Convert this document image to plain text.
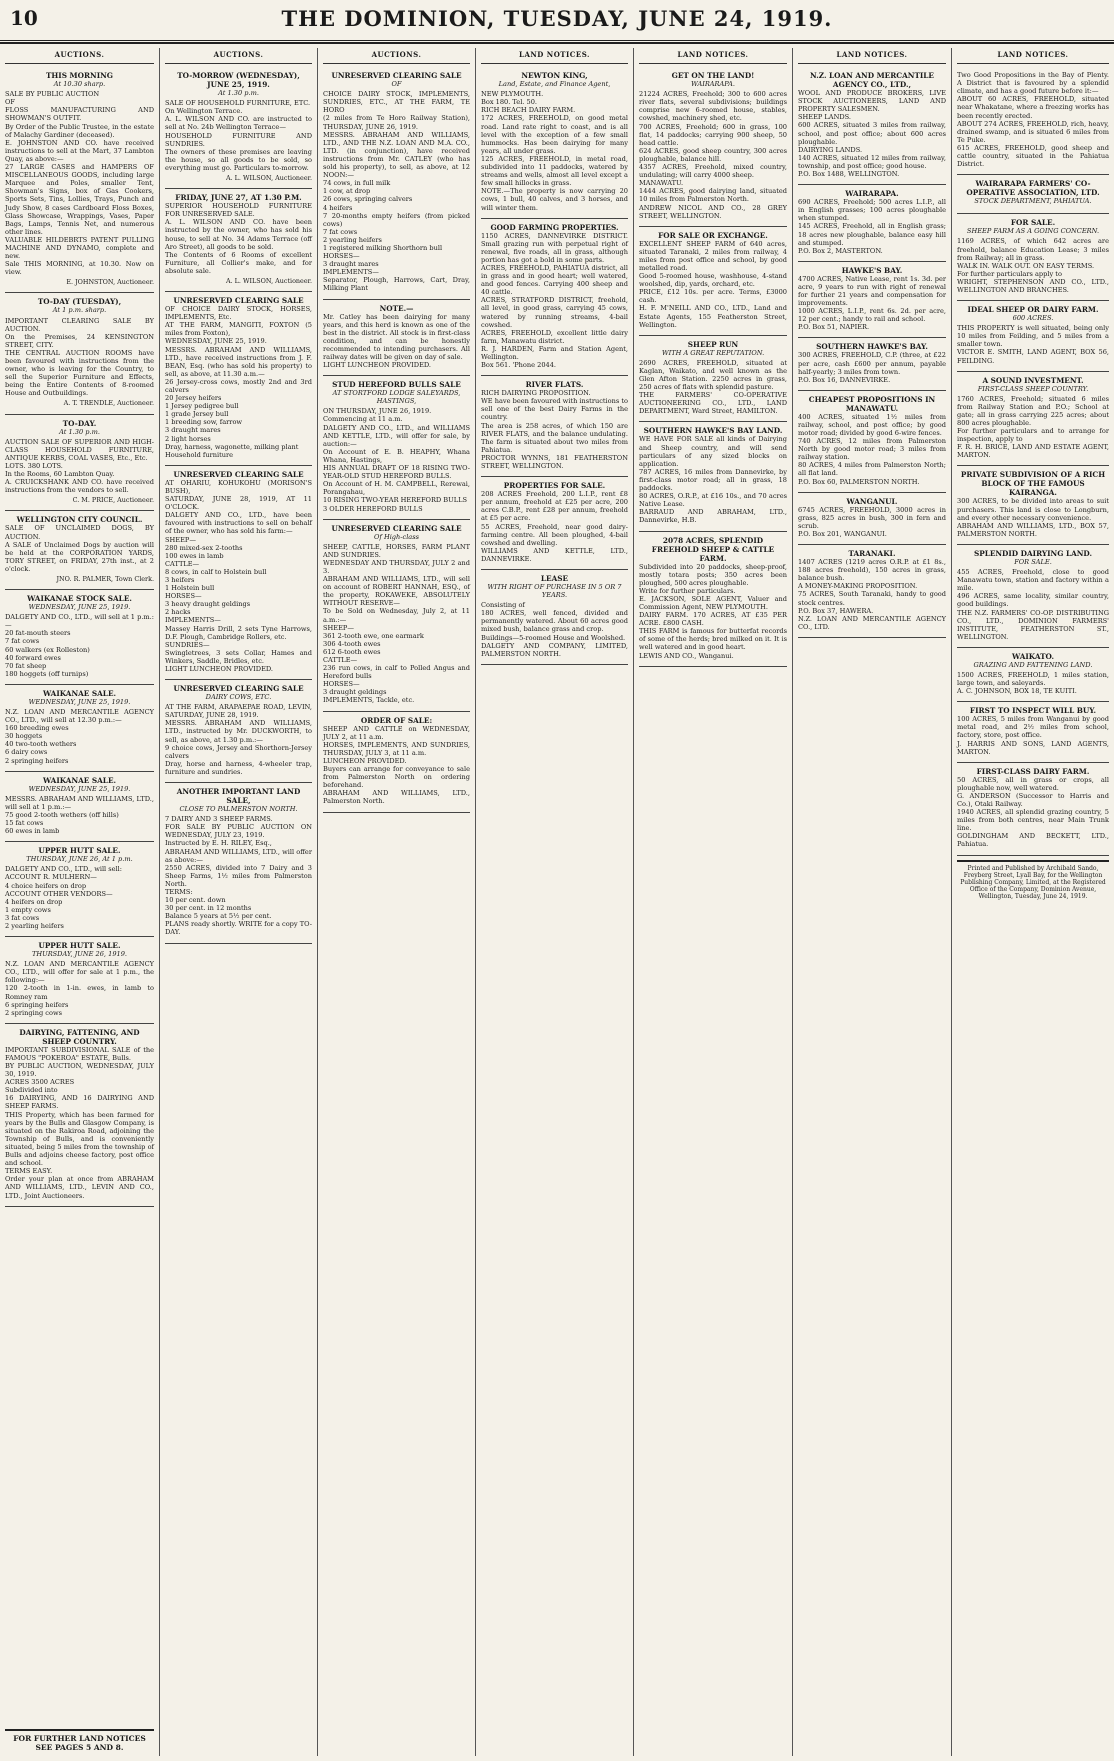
10	THE DOMINION, TUESDAY, JUNE 24, 1919.
AUCTIONS.
THIS MORNING
At 10.30 sharp.
SALE BY PUBLIC AUCTION
OF
FLOSS MANUFACTURING AND SHOWMAN'S OUTFIT.
By Order of the Public Trustee, in the estate of Malachy Gardiner (deceased).
E. JOHNSTON AND CO. have received instructions to sell at the Mart, 37 Lambton Quay, as above:—
27 LARGE CASES and HAMPERS OF MISCELLANEOUS GOODS, including large Marquee and Poles, smaller Tent, Showman's Signs, box of Gas Cookers, Sports Sets, Tins, Lollies, Trays, Punch and Judy Show, 8 cases Cardboard Floss Boxes, Glass Showcase, Wrappings, Vases, Paper Bags, Lamps, Tennis Net, and numerous other lines.
VALUABLE HILDEBRTS PATENT PULLING MACHINE AND DYNAMO, complete and new.
Sale THIS MORNING, at 10.30. Now on view.
E. JOHNSTON, Auctioneer.
TO-DAY (TUESDAY),
At 1 p.m. sharp.
IMPORTANT CLEARING SALE BY AUCTION.
On the Premises, 24 KENSINGTON STREET, CITY.
THE CENTRAL AUCTION ROOMS have been favoured with instructions from the owner, who is leaving for the Country, to sell the Superior Furniture and Effects, being the Entire Contents of 8-roomed House and Outbuildings.
A. T. TRENDLE, Auctioneer.
TO-DAY.
At 1.30 p.m.
AUCTION SALE OF SUPERIOR AND HIGH-CLASS HOUSEHOLD FURNITURE, ANTIQUE KERBS, COAL VASES, Etc., Etc.
LOTS. 380 LOTS.
In the Rooms, 60 Lambton Quay.
A. CRUICKSHANK AND CO. have received instructions from the vendors to sell.
C. M. PRICE, Auctioneer.
WELLINGTON CITY COUNCIL.
SALE OF UNCLAIMED DOGS, BY AUCTION.
A SALE of Unclaimed Dogs by auction will be held at the CORPORATION YARDS, TORY STREET, on FRIDAY, 27th inst., at 2 o'clock.
JNO. R. PALMER, Town Clerk.
WAIKANAE STOCK SALE.
WEDNESDAY, JUNE 25, 1919.
DALGETY AND CO., LTD., will sell at 1 p.m.:—
20 fat-mouth steers
7 fat cows
60 walkers (ex Rolleston)
40 forward ewes
70 fat sheep
180 hoggets (off turnips)
WAIKANAE SALE.
WEDNESDAY, JUNE 25, 1919.
N.Z. LOAN AND MERCANTILE AGENCY CO., LTD., will sell at 12.30 p.m.:—
160 breeding ewes
30 hoggets
40 two-tooth wethers
6 dairy cows
2 springing heifers
WAIKANAE SALE.
WEDNESDAY, JUNE 25, 1919.
MESSRS. ABRAHAM AND WILLIAMS, LTD., will sell at 1 p.m.:—
75 good 2-tooth wethers (off hills)
15 fat cows
60 ewes in lamb
UPPER HUTT SALE.
THURSDAY, JUNE 26, At 1 p.m.
DALGETY AND CO., LTD., will sell:
ACCOUNT R. MULHERN—
4 choice heifers on drop
ACCOUNT OTHER VENDORS—
4 heifers on drop
1 empty cows
3 fat cows
2 yearling heifers
UPPER HUTT SALE.
THURSDAY, JUNE 26, 1919.
N.Z. LOAN AND MERCANTILE AGENCY CO., LTD., will offer for sale at 1 p.m., the following:—
120 2-tooth in 1-in. ewes, in lamb to Romney ram
6 springing heifers
2 springing cows
DAIRYING, FATTENING, AND SHEEP COUNTRY.
IMPORTANT SUBDIVISIONAL SALE of the FAMOUS "POKEROA" ESTATE, Bulls.
BY PUBLIC AUCTION, WEDNESDAY, JULY 30, 1919.
ACRES 3500 ACRES
Subdivided into
16 DAIRYING, AND 16 DAIRYING AND SHEEP FARMS.
THIS Property, which has been farmed for years by the Bulls and Glasgow Company, is situated on the Rakiroa Road, adjoining the Township of Bulls, and is conveniently situated, being 5 miles from the township of Bulls and adjoins cheese factory, post office and school.
TERMS EASY.
Order your plan at once from ABRAHAM AND WILLIAMS, LTD., LEVIN AND CO., LTD., Joint Auctioneers.
FOR FURTHER LAND NOTICES SEE PAGES 5 AND 8.
AUCTIONS.
TO-MORROW (WEDNESDAY), JUNE 25, 1919.
At 1.30 p.m.
SALE OF HOUSEHOLD FURNITURE, ETC.
On Wellington Terrace.
A. L. WILSON AND CO. are instructed to sell at No. 24b Wellington Terrace—
HOUSEHOLD FURNITURE AND SUNDRIES.
The owners of these premises are leaving the house, so all goods to be sold, so everything must go. Particulars to-morrow.
A. L. WILSON, Auctioneer.
FRIDAY, JUNE 27, AT 1.30 P.M.
SUPERIOR HOUSEHOLD FURNITURE FOR UNRESERVED SALE.
A. L. WILSON AND CO. have been instructed by the owner, who has sold his house, to sell at No. 34 Adams Terrace (off Aro Street), all goods to be sold.
The Contents of 6 Rooms of excellent Furniture, all Collier's make, and for absolute sale.
A. L. WILSON, Auctioneer.
UNRESERVED CLEARING SALE
OF CHOICE DAIRY STOCK, HORSES, IMPLEMENTS, Etc.
AT THE FARM, MANGITI, FOXTON (5 miles from Foxton),
WEDNESDAY, JUNE 25, 1919.
MESSRS. ABRAHAM AND WILLIAMS, LTD., have received instructions from J. F. BEAN, Esq. (who has sold his property) to sell, as above, at 11.30 a.m.—
26 Jersey-cross cows, mostly 2nd and 3rd calvers
20 Jersey heifers
1 Jersey pedigree bull
1 grade Jersey bull
1 breeding sow, farrow
3 draught mares
2 light horses
Dray, harness, wagonette, milking plant
Household furniture
UNRESERVED CLEARING SALE
AT OHARIU, KOHUKOHU (MORISON'S BUSH),
SATURDAY, JUNE 28, 1919, AT 11 O'CLOCK.
DALGETY AND CO., LTD., have been favoured with instructions to sell on behalf of the owner, who has sold his farm:—
SHEEP—
280 mixed-sex 2-tooths
100 ewes in lamb
CATTLE—
8 cows, in calf to Holstein bull
3 heifers
1 Holstein bull
HORSES—
3 heavy draught geldings
2 hacks
IMPLEMENTS—
Massey Harris Drill, 2 sets Tyne Harrows, D.F. Plough, Cambridge Rollers, etc.
SUNDRIES—
Swingletrees, 3 sets Collar, Hames and Winkers, Saddle, Bridles, etc.
LIGHT LUNCHEON PROVIDED.
UNRESERVED CLEARING SALE
DAIRY COWS, ETC.
AT THE FARM, ARAPAEPAE ROAD, LEVIN, SATURDAY, JUNE 28, 1919.
MESSRS. ABRAHAM AND WILLIAMS, LTD., instructed by Mr. DUCKWORTH, to sell, as above, at 1.30 p.m.:—
9 choice cows, Jersey and Shorthorn-Jersey calvers
Dray, horse and harness, 4-wheeler trap, furniture and sundries.
ANOTHER IMPORTANT LAND SALE,
CLOSE TO PALMERSTON NORTH.
7 DAIRY AND 3 SHEEP FARMS.
FOR SALE BY PUBLIC AUCTION ON WEDNESDAY, JULY 23, 1919.
Instructed by E. H. RILEY, Esq.,
ABRAHAM AND WILLIAMS, LTD., will offer as above:—
2550 ACRES, divided into 7 Dairy and 3 Sheep Farms, 1½ miles from Palmerston North.
TERMS:
10 per cent. down
30 per cent. in 12 months
Balance 5 years at 5½ per cent.
PLANS ready shortly. WRITE for a copy TO-DAY.
AUCTIONS.
UNRESERVED CLEARING SALE
OF
CHOICE DAIRY STOCK, IMPLEMENTS, SUNDRIES, ETC., AT THE FARM, TE HORO
(2 miles from Te Horo Railway Station), THURSDAY, JUNE 26, 1919.
MESSRS. ABRAHAM AND WILLIAMS, LTD., AND THE N.Z. LOAN AND M.A. CO., LTD. (in conjunction), have received instructions from Mr. CATLEY (who has sold his property), to sell, as above, at 12 NOON:—
74 cows, in full milk
1 cow, at drop
26 cows, springing calvers
4 heifers
7 20-months empty heifers (from picked cows)
7 fat cows
2 yearling heifers
1 registered milking Shorthorn bull
HORSES—
3 draught mares
IMPLEMENTS—
Separator, Plough, Harrows, Cart, Dray, Milking Plant
NOTE.—
Mr. Catley has been dairying for many years, and this herd is known as one of the best in the district. All stock is in first-class condition, and can be honestly recommended to intending purchasers. All railway dates will be given on day of sale.
LIGHT LUNCHEON PROVIDED.
STUD HEREFORD BULLS SALE
AT STORTFORD LODGE SALEYARDS, HASTINGS,
ON THURSDAY, JUNE 26, 1919.
Commencing at 11 a.m.
DALGETY AND CO., LTD., and WILLIAMS AND KETTLE, LTD., will offer for sale, by auction:—
On Account of E. B. HEAPHY, Whana Whana, Hastings,
HIS ANNUAL DRAFT OF 18 RISING TWO-YEAR-OLD STUD HEREFORD BULLS.
On Account of H. M. CAMPBELL, Rerewai, Porangahau,
10 RISING TWO-YEAR HEREFORD BULLS
3 OLDER HEREFORD BULLS
UNRESERVED CLEARING SALE
Of High-class
SHEEP, CATTLE, HORSES, FARM PLANT AND SUNDRIES.
WEDNESDAY AND THURSDAY, JULY 2 and 3.
ABRAHAM AND WILLIAMS, LTD., will sell on account of ROBERT HANNAH, ESQ., of the property, ROKAWEKE, ABSOLUTELY WITHOUT RESERVE—
To be Sold on Wednesday, July 2, at 11 a.m.:—
SHEEP—
361 2-tooth ewe, one earmark
306 4-tooth ewes
612 6-tooth ewes
CATTLE—
236 run cows, in calf to Polled Angus and Hereford bulls
HORSES—
3 draught geldings
IMPLEMENTS, Tackle, etc.
ORDER OF SALE:
SHEEP AND CATTLE on WEDNESDAY, JULY 2, at 11 a.m.
HORSES, IMPLEMENTS, AND SUNDRIES, THURSDAY, JULY 3, at 11 a.m.
LUNCHEON PROVIDED.
Buyers can arrange for conveyance to sale from Palmerston North on ordering beforehand.
ABRAHAM AND WILLIAMS, LTD., Palmerston North.
LAND NOTICES.
NEWTON KING,
Land, Estate, and Finance Agent,
NEW PLYMOUTH.
Box 180. Tel. 50.
RICH BEACH DAIRY FARM.
172 ACRES, FREEHOLD, on good metal road. Land rate right to coast, and is all level with the exception of a few small hummocks. Has been dairying for many years, all under grass.
125 ACRES, FREEHOLD, in metal road, subdivided into 11 paddocks, watered by streams and wells, almost all level except a few small hillocks in grass.
NOTE.—The property is now carrying 20 cows, 1 bull, 40 calves, and 3 horses, and will winter them.
GOOD FARMING PROPERTIES.
1150 ACRES, DANNEVIRKE DISTRICT. Small grazing run with perpetual right of renewal, five roads, all in grass, although portion has got a bold in some parts.
ACRES, FREEHOLD, PAHIATUA district, all in grass and in good heart; well watered, and good fences. Carrying 400 sheep and 40 cattle.
ACRES, STRATFORD DISTRICT, freehold, all level, in good grass, carrying 45 cows, watered by running streams, 4-bail cowshed.
ACRES, FREEHOLD, excellent little dairy farm, Manawatu district.
R. J. HARDEN, Farm and Station Agent, Wellington.
Box 561. 'Phone 2044.
RIVER FLATS.
RICH DAIRYING PROPOSITION.
WE have been favoured with instructions to sell one of the best Dairy Farms in the country.
The area is 258 acres, of which 150 are RIVER FLATS, and the balance undulating. The farm is situated about two miles from Pahiatua.
PROCTOR WYNNS, 181 FEATHERSTON STREET, WELLINGTON.
PROPERTIES FOR SALE.
208 ACRES Freehold, 200 L.I.P., rent £8 per annum, freehold at £25 per acre, 200 acres C.B.P., rent £28 per annum, freehold at £5 per acre.
55 ACRES, Freehold, near good dairy-farming centre. All been ploughed, 4-bail cowshed and dwelling.
WILLIAMS AND KETTLE, LTD., DANNEVIRKE.
LEASE
WITH RIGHT OF PURCHASE IN 5 OR 7 YEARS.
Consisting of
180 ACRES, well fenced, divided and permanently watered. About 60 acres good mixed bush, balance grass and crop.
Buildings—5-roomed House and Woolshed.
DALGETY AND COMPANY, LIMITED, PALMERSTON NORTH.
LAND NOTICES.
GET ON THE LAND!
WAIRARAPA.
21224 ACRES, Freehold; 300 to 600 acres river flats, several subdivisions; buildings comprise new 6-roomed house, stables, cowshed, machinery shed, etc.
700 ACRES, Freehold; 600 in grass, 100 flat, 14 paddocks; carrying 900 sheep, 50 head cattle.
624 ACRES, good sheep country, 300 acres ploughable, balance hill.
4357 ACRES, Freehold, mixed country, undulating; will carry 4000 sheep.
MANAWATU.
1444 ACRES, good dairying land, situated 10 miles from Palmerston North.
ANDREW NICOL AND CO., 28 GREY STREET, WELLINGTON.
FOR SALE OR EXCHANGE.
EXCELLENT SHEEP FARM of 640 acres, situated Taranaki, 2 miles from railway, 4 miles from post office and school, by good metalled road.
Good 5-roomed house, washhouse, 4-stand woolshed, dip, yards, orchard, etc.
PRICE, £12 10s. per acre. Terms, £3000 cash.
H. F. M'NEILL AND CO., LTD., Land and Estate Agents, 155 Featherston Street, Wellington.
SHEEP RUN
WITH A GREAT REPUTATION.
2690 ACRES, FREEHOLD, situated at Kaglan, Waikato, and well known as the Glen Afton Station. 2250 acres in grass, 250 acres of flats with splendid pasture.
THE FARMERS' CO-OPERATIVE AUCTIONEERING CO., LTD., LAND DEPARTMENT, Ward Street, HAMILTON.
SOUTHERN HAWKE'S BAY LAND.
WE HAVE FOR SALE all kinds of Dairying and Sheep country, and will send particulars of any sized blocks on application.
787 ACRES, 16 miles from Dannevirke, by first-class motor road; all in grass, 18 paddocks.
80 ACRES, O.R.P., at £16 10s., and 70 acres Native Lease.
BARRAUD AND ABRAHAM, LTD., Dannevirke, H.B.
2078 ACRES, SPLENDID FREEHOLD SHEEP & CATTLE FARM.
Subdivided into 20 paddocks, sheep-proof, mostly totara posts; 350 acres been ploughed, 500 acres ploughable.
Write for further particulars.
E. JACKSON, SOLE AGENT, Valuer and Commission Agent, NEW PLYMOUTH.
DAIRY FARM. 170 ACRES, AT £35 PER ACRE. £800 CASH.
THIS FARM is famous for butterfat records of some of the herds; bred milked on it. It is well watered and in good heart.
LEWIS AND CO., Wanganui.
LAND NOTICES.
N.Z. LOAN AND MERCANTILE AGENCY CO., LTD.,
WOOL AND PRODUCE BROKERS, LIVE STOCK AUCTIONEERS, LAND AND PROPERTY SALESMEN.
SHEEP LANDS.
600 ACRES, situated 3 miles from railway, school, and post office; about 600 acres ploughable.
DAIRYING LANDS.
140 ACRES, situated 12 miles from railway, township, and post office; good house.
P.O. Box 1488, WELLINGTON.
WAIRARAPA.
690 ACRES, Freehold; 500 acres L.I.P., all in English grasses; 100 acres ploughable when stumped.
145 ACRES, Freehold, all in English grass; 18 acres new ploughable, balance easy hill and stumped.
P.O. Box 2, MASTERTON.
HAWKE'S BAY.
4700 ACRES, Native Lease, rent 1s. 3d. per acre, 9 years to run with right of renewal for further 21 years and compensation for improvements.
1000 ACRES, L.I.P., rent 6s. 2d. per acre, 12 per cent.; handy to rail and school.
P.O. Box 51, NAPIER.
SOUTHERN HAWKE'S BAY.
300 ACRES, FREEHOLD, C.P. (three, at £22 per acre, cash £600 per annum, payable half-yearly; 3 miles from town.
P.O. Box 16, DANNEVIRKE.
CHEAPEST PROPOSITIONS IN MANAWATU.
400 ACRES, situated 1½ miles from railway, school, and post office; by good motor road; divided by good 6-wire fences.
740 ACRES, 12 miles from Palmerston North by good motor road; 3 miles from railway station.
80 ACRES, 4 miles from Palmerston North; all flat land.
P.O. Box 60, PALMERSTON NORTH.
WANGANUI.
6745 ACRES, FREEHOLD, 3000 acres in grass, 825 acres in bush, 300 in fern and scrub.
P.O. Box 201, WANGANUI.
TARANAKI.
1407 ACRES (1219 acres O.R.P. at £1 8s., 188 acres freehold), 150 acres in grass, balance bush.
A MONEY-MAKING PROPOSITION.
75 ACRES, South Taranaki, handy to good stock centres.
P.O. Box 37, HAWERA.
N.Z. LOAN AND MERCANTILE AGENCY CO., LTD.
LAND NOTICES.
Two Good Propositions in the Bay of Plenty. A District that is favoured by a splendid climate, and has a good future before it:—
ABOUT 60 ACRES, FREEHOLD, situated near Whakatane, where a freezing works has been recently erected.
ABOUT 274 ACRES, FREEHOLD, rich, heavy, drained swamp, and is situated 6 miles from Te Puke.
615 ACRES, FREEHOLD, good sheep and cattle country, situated in the Pahiatua District.
WAIRARAPA FARMERS' CO-OPERATIVE ASSOCIATION, LTD.
STOCK DEPARTMENT, PAHIATUA.
FOR SALE.
SHEEP FARM AS A GOING CONCERN.
1169 ACRES, of which 642 acres are freehold, balance Education Lease; 3 miles from Railway; all in grass.
WALK IN. WALK OUT. ON EASY TERMS.
For further particulars apply to
WRIGHT, STEPHENSON AND CO., LTD., WELLINGTON AND BRANCHES.
IDEAL SHEEP OR DAIRY FARM.
600 ACRES.
THIS PROPERTY is well situated, being only 10 miles from Feilding, and 5 miles from a smaller town.
VICTOR E. SMITH, LAND AGENT, BOX 56, FEILDING.
A SOUND INVESTMENT.
FIRST-CLASS SHEEP COUNTRY.
1760 ACRES, Freehold; situated 6 miles from Railway Station and P.O.; School at gate; all in grass carrying 225 acres; about 800 acres ploughable.
For further particulars and to arrange for inspection, apply to
F. R. H. BRICE, LAND AND ESTATE AGENT, MARTON.
PRIVATE SUBDIVISION OF A RICH BLOCK OF THE FAMOUS KAIRANGA.
300 ACRES, to be divided into areas to suit purchasers. This land is close to Longburn, and every other necessary convenience.
ABRAHAM AND WILLIAMS, LTD., BOX 57, PALMERSTON NORTH.
SPLENDID DAIRYING LAND.
FOR SALE.
455 ACRES, Freehold, close to good Manawatu town, station and factory within a mile.
496 ACRES, same locality, similar country, good buildings.
THE N.Z. FARMERS' CO-OP. DISTRIBUTING CO., LTD., DOMINION FARMERS' INSTITUTE, FEATHERSTON ST., WELLINGTON.
WAIKATO.
GRAZING AND FATTENING LAND.
1500 ACRES, FREEHOLD, 1 miles station, large town, and saleyards.
A. C. JOHNSON, BOX 18, TE KUITI.
FIRST TO INSPECT WILL BUY.
100 ACRES, 5 miles from Wanganui by good metal road, and 2½ miles from school, factory, store, post office.
J. HARRIS AND SONS, LAND AGENTS, MARTON.
FIRST-CLASS DAIRY FARM.
50 ACRES, all in grass or crops, all ploughable now, well watered.
G. ANDERSON (Successor to Harris and Co.), Otaki Railway.
1940 ACRES, all splendid grazing country, 5 miles from both centres, near Main Trunk line.
GOLDINGHAM AND BECKETT, LTD., Pahiatua.
Printed and Published by Archibald Sando, Freyberg Street, Lyall Bay, for the Wellington Publishing Company, Limited, at the Registered Office of the Company, Dominion Avenue, Wellington, Tuesday, June 24, 1919.
